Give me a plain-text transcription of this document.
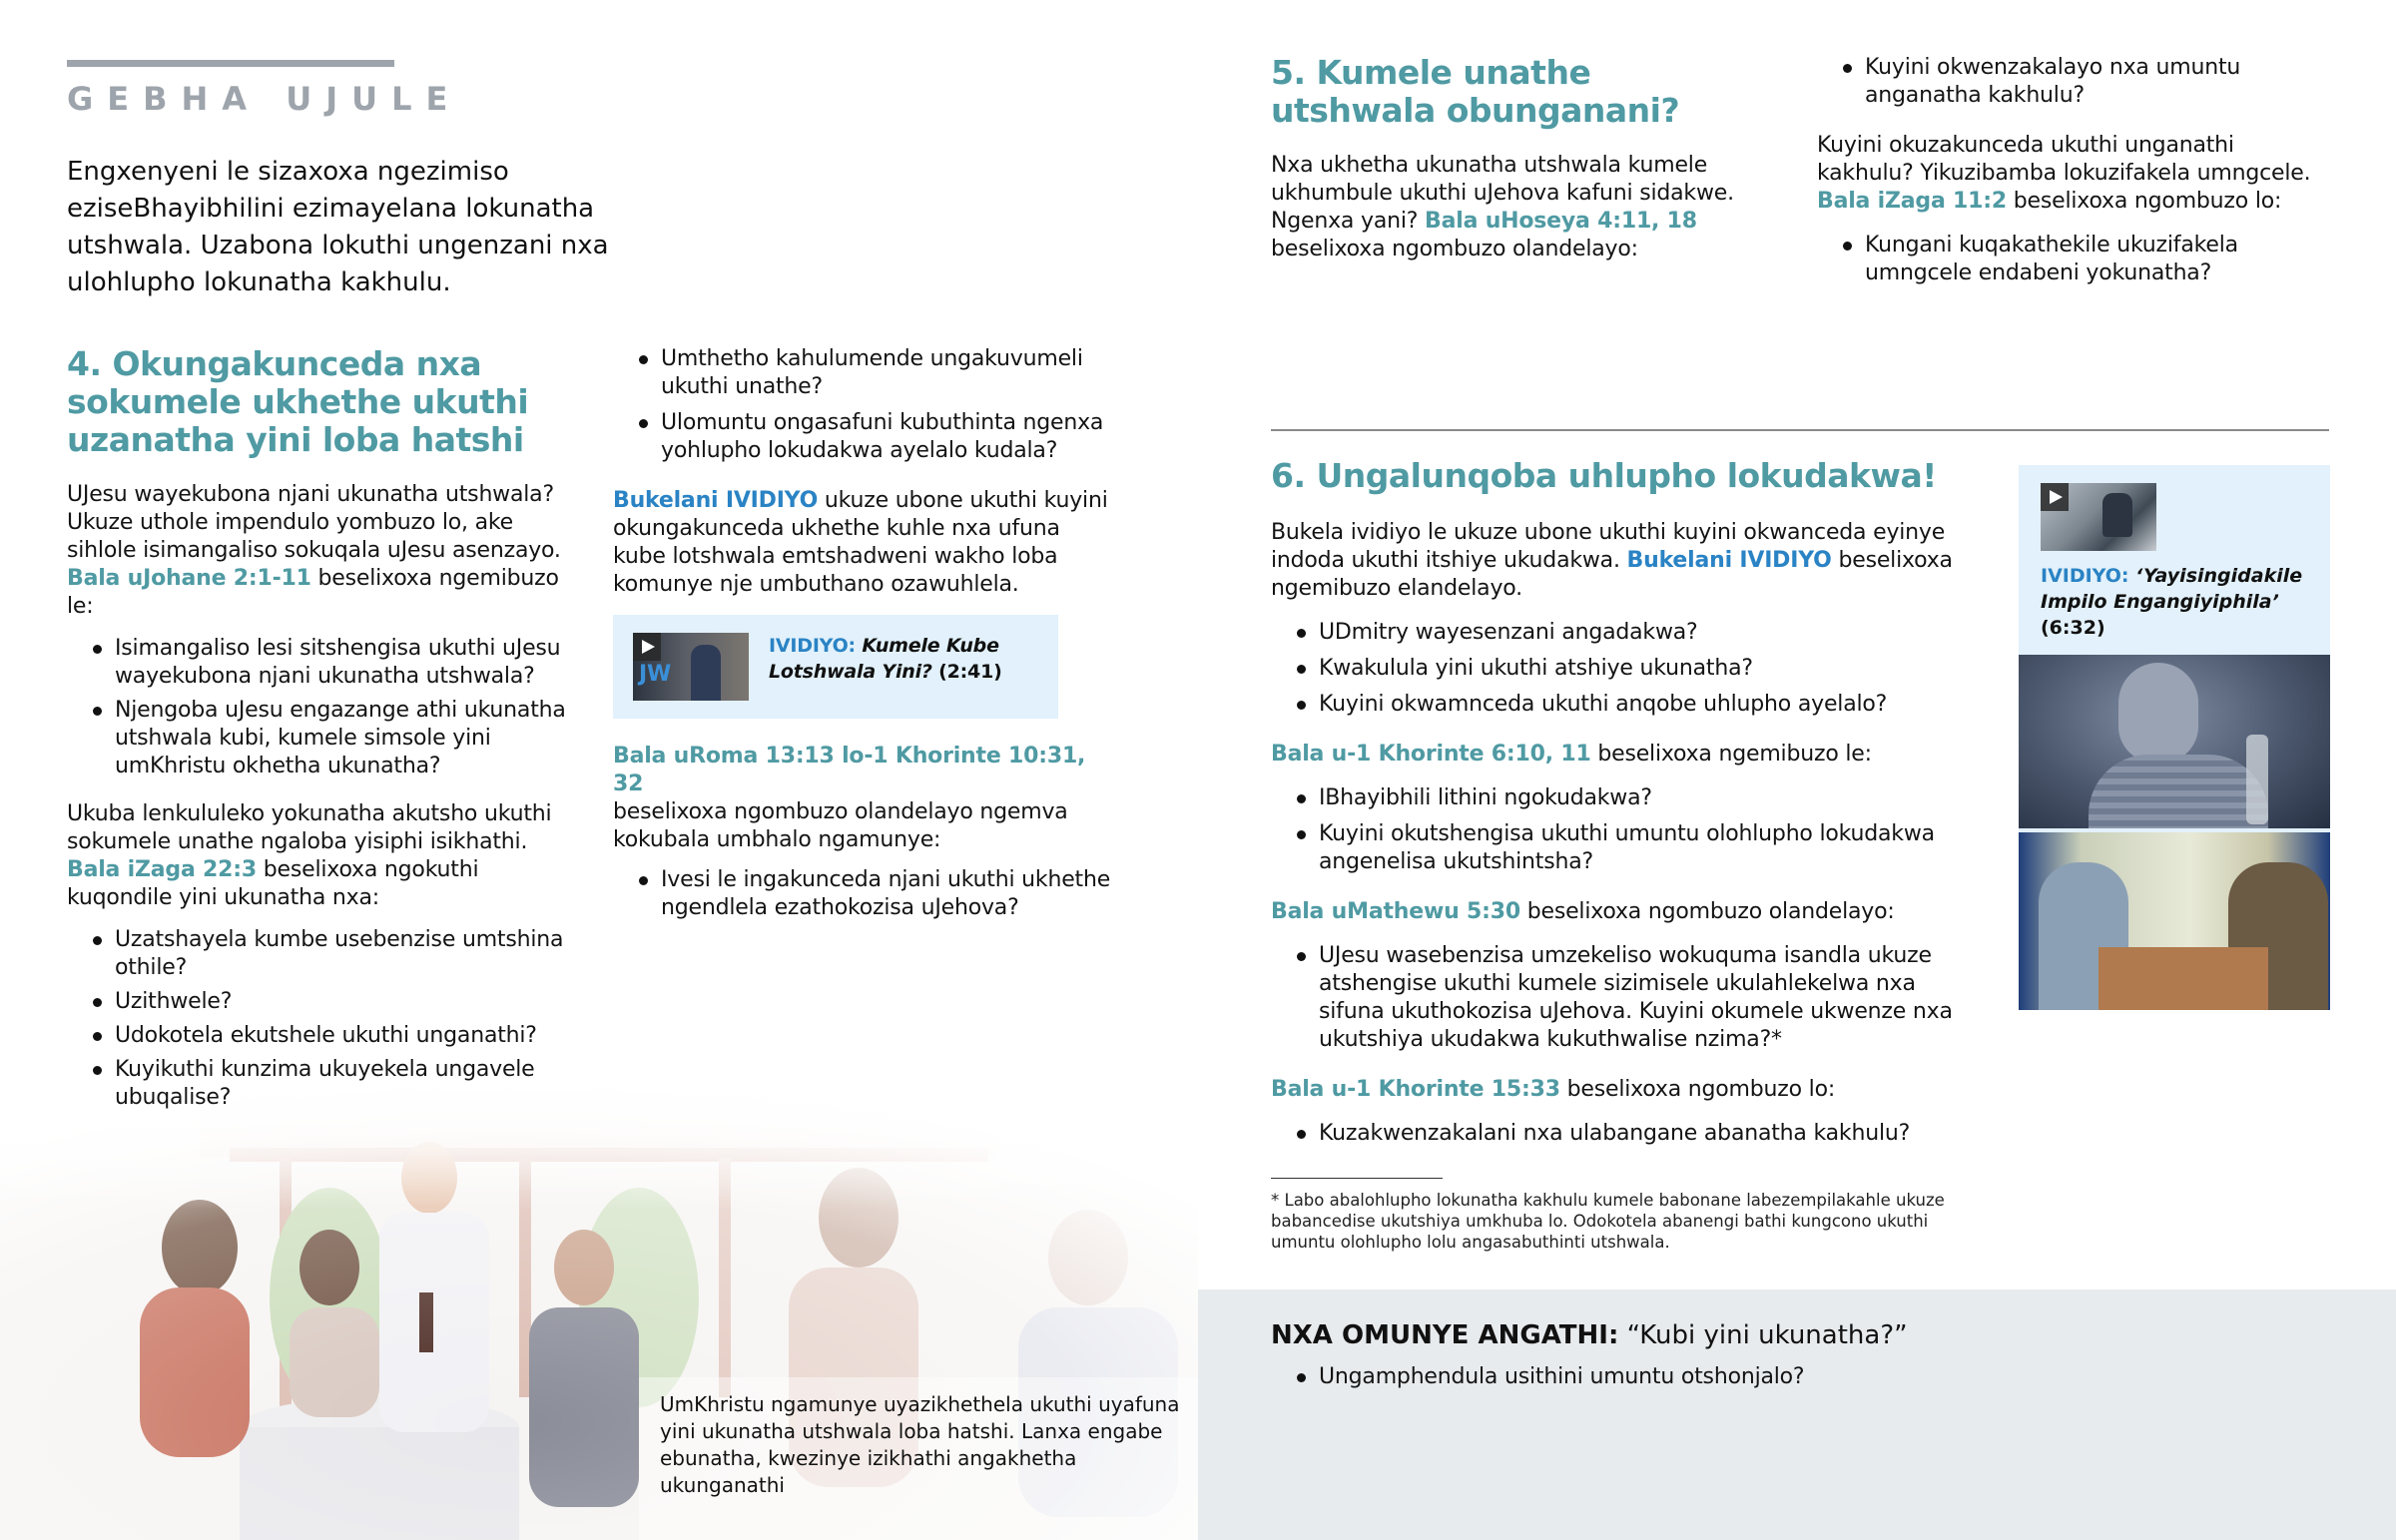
GEBHA UJULE
Engxenyeni le sizaxoxa ngezimiso eziseBhayibhilini ezimayelana lokunatha utshwala. Uzabona lokuthi ungenzani nxa ulohlupho lokunatha kakhulu.
4. Okungakunceda nxa sokumele ukhethe ukuthi uzanatha yini loba hatshi

UJesu wayekubona njani ukunatha utshwala? Ukuze uthole impendulo yombuzo lo, ake sihlole isimangaliso sokuqala uJesu asenzayo. Bala uJohane 2:1-11 beselixoxa ngemibuzo le:

Isimangaliso lesi sitshengisa ukuthi uJesu wayekubona njani ukunatha utshwala?
Njengoba uJesu engazange athi ukunatha utshwala kubi, kumele simsole yini umKhristu okhetha ukunatha?

Ukuba lenkululeko yokunatha akutsho ukuthi sokumele unathe ngaloba yisiphi isikhathi. Bala iZaga 22:3 beselixoxa ngokuthi kuqondile yini ukunatha nxa:

Uzatshayela kumbe usebenzise umtshina othile?
Uzithwele?
Udokotela ekutshele ukuthi unganathi?
Kuyikuthi kunzima ukuyekela ungavele ubuqalise?
UmKhristu ngamunye uyazikhethela ukuthi uyafuna yini ukunatha utshwala loba hatshi. Lanxa engabe ebunatha, kwezinye izikhathi angakhetha ukunganathi
Umthetho kahulumende ungakuvumeli ukuthi unathe?
Ulomuntu ongasafuni kubuthinta ngenxa yohlupho lokudakwa ayelalo kudala?

Bukelani IVIDIYO ukuze ubone ukuthi kuyini okungakunceda ukhethe kuhle nxa ufuna kube lotshwala emtshadweni wakho loba komunye nje umbuthano ozawuhlela.

JW
IVIDIYO: Kumele Kube Lotshwala Yini? (2:41)

Bala uRoma 13:13 lo-1 Khorinte 10:31, 32
beselixoxa ngombuzo olandelayo ngemva kokubala umbhalo ngamunye:

Ivesi le ingakunceda njani ukuthi ukhethe ngendlela ezathokozisa uJehova?
5. Kumele unathe utshwala obunganani?

Nxa ukhetha ukunatha utshwala kumele ukhumbule ukuthi uJehova kafuni sidakwe. Ngenxa yani? Bala uHoseya 4:11, 18 beselixoxa ngombuzo olandelayo:

Kuyini okwenzakalayo nxa umuntu anganatha kakhulu?

Kuyini okuzakunceda ukuthi unganathi kakhulu? Yikuzibamba lokuzifakela umngcele. Bala iZaga 11:2 beselixoxa ngombuzo lo:

Kungani kuqakathekile ukuzifakela umngcele endabeni yokunatha?
6. Ungalunqoba uhlupho lokudakwa!

Bukela ividiyo le ukuze ubone ukuthi kuyini okwanceda eyinye indoda ukuthi itshiye ukudakwa. Bukelani IVIDIYO beselixoxa ngemibuzo elandelayo.

UDmitry wayesenzani angadakwa?
Kwakulula yini ukuthi atshiye ukunatha?
Kuyini okwamnceda ukuthi anqobe uhlupho ayelalo?

Bala u-1 Khorinte 6:10, 11 beselixoxa ngemibuzo le:

IBhayibhili lithini ngokudakwa?
Kuyini okutshengisa ukuthi umuntu olohlupho lokudakwa angenelisa ukutshintsha?

Bala uMathewu 5:30 beselixoxa ngombuzo olandelayo:

UJesu wasebenzisa umzekeliso wokuquma isandla ukuze atshengise ukuthi kumele sizimisele ukulahlekelwa nxa sifuna ukuthokozisa uJehova. Kuyini okumele ukwenze nxa ukutshiya ukudakwa kukuthwalise nzima?*

Bala u-1 Khorinte 15:33 beselixoxa ngombuzo lo:

Kuzakwenzakalani nxa ulabangane abanatha kakhulu?
IVIDIYO: ‘Yayisingidakile Impilo Engangiyiphila’ (6:32)
* Labo abalohlupho lokunatha kakhulu kumele babonane labezempilakahle ukuze babancedise ukutshiya umkhuba lo. Odokotela abanengi bathi kungcono ukuthi umuntu olohlupho lolu angasabuthinti utshwala.
NXA OMUNYE ANGATHI: “Kubi yini ukunatha?”
Ungamphendula usithini umuntu otshonjalo?
